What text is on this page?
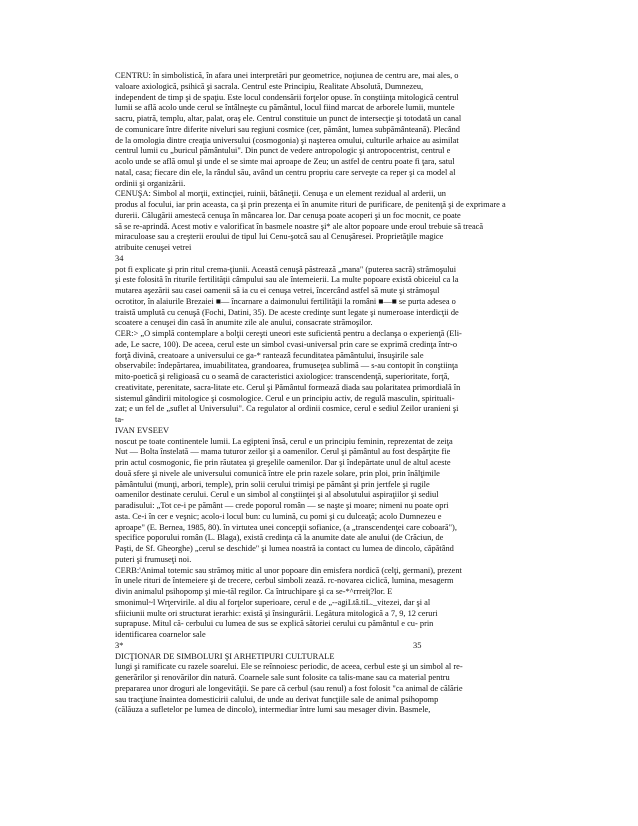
CENTRU: în simbolistică, în afara unei interpretări pur geometrice, noţiunea de centru are, mai ales, o
valoare axiologică, psihică şi sacrala. Centrul este Principiu, Realitate Absolută, Dumnezeu,
independent de timp şi de spaţiu. Este locul condensării forţelor opuse. în conştiinţa mitologică centrul
lumii se află acolo unde cerul se întâlneşte cu pământul, locul fiind marcat de arborele lumii, muntele
sacru, piatră, templu, altar, palat, oraş ele. Centrul constituie un punct de intersecţie şi totodată un canal
de comunicare între diferite niveluri sau regiuni cosmice (cer, pământ, lumea subpământeană). Plecând
de la omologia dintre creaţia universului (cosmogonia) şi naşterea omului, culturile arhaice au asimilat
centrul lumii cu „buricul pământului". Din punct de vedere antropologic şi antropocentrist, centrul e
acolo unde se află omul şi unde el se simte mai aproape de Zeu; un astfel de centru poate fi ţara, satul
natal, casa; fiecare din ele, la rândul său, având un centru propriu care serveşte ca reper şi ca model al
ordinii şi organizării.
CENUŞA: Simbol al morţii, extincţiei, ruinii, bătâneţii. Cenuşa e un element rezidual al arderii, un
produs al focului, iar prin aceasta, ca şi prin prezenţa ei în anumite rituri de purificare, de penitenţă şi de exprimare a
durerii. Călugării amestecă cenuşa în mâncarea lor. Dar cenuşa poate acoperi şi un foc mocnit, ce poate
să se re-aprindă. Acest motiv e valorificat în basmele noastre şi* ale altor popoare unde eroul trebuie să treacă
miraculoase sau a creşterii eroului de tipul lui Cenu-şotcă sau al Cenuşăresei. Proprietăţile magice
atribuite cenuşei vetrei
34
pot fi explicate şi prin ritul crema-ţiunii. Această cenuşă păstrează „mana" (puterea sacră) strămoşului
şi este folosită în riturile fertilităţii câmpului sau ale întemeierii. La multe popoare există obiceiul ca la
mutarea aşezării sau casei oamenii să ia cu ei cenuşa vetrei, încercând astfel să mute şi strămoşul
ocrotitor, în alaiurile Brezaiei ■— încarnare a daimonului fertilităţii la români ■—■ se purta adesea o
traistă umplută cu cenuşă (Fochi, Datini, 35). De aceste credinţe sunt legate şi numeroase interdicţii de
scoatere a cenuşei din casă în anumite zile ale anului, consacrate strămoşilor.
CER:> „O simplă contemplare a bolţii cereşti uneori este suficientă pentru a declanşa o experienţă (Eli-
ade, Le sacre, 100). De aceea, cerul este un simbol cvasi-universal prin care se exprimă credinţa într-o
forţă divină, creatoare a universului ce ga-* ranteazâ fecunditatea pământului, însuşirile sale
observabile: îndepărtarea, imuabilitatea, grandoarea, frumuseţea sublimă — s-au contopit în conştiinţa
mito-poetică şi religioasă cu o seamă de caracteristici axiologice: transcendenţă, superioritate, forţă,
creativitate, perenitate, sacra-litate etc. Cerul şi Pământul formează diada sau polaritatea primordială în
sistemul gândirii mitologice şi cosmologice. Cerul e un principiu activ, de regulă masculin, spirituali-
zat; e un fel de „suflet al Universului". Ca regulator al ordinii cosmice, cerul e sediul Zeilor uranieni şi
ta-
IVAN EVSEEV
noscut pe toate continentele lumii. La egipteni însă, cerul e un principiu feminin, reprezentat de zeiţa
Nut — Bolta înstelată — mama tuturor zeilor şi a oamenilor. Cerul şi pământul au fost despărţite fie
prin actul cosmogonic, fie prin răutatea şi greşelile oamenilor. Dar şi îndepărtate unul de altul aceste
două sfere şi nivele ale universului comunică între ele prin razele solare, prin ploi, prin înălţimile
pământului (munţi, arbori, temple), prin solii cerului trimişi pe pământ şi prin jertfele şi rugile
oamenilor destinate cerului. Cerul e un simbol al conştiinţei şi al absolutului aspiraţiilor şi sediul
paradisului: „Tot ce-i pe pământ — crede poporul român — se naşte şi moare; nimeni nu poate opri
asta. Ce-i în cer e veşnic; acolo-i locul bun: cu lumină, cu pomi şi cu dulceaţă; acolo Dumnezeu e
aproape" (E. Bernea, 1985, 80). în virtutea unei concepţii sofianice, (a „transcendenţei care coboară"),
specifice poporului român (L. Blaga), există credinţa că la anumite date ale anului (de Crăciun, de
Paşti, de Sf. Gheorghe) „cerul se deschide" şi lumea noastră ia contact cu lumea de dincolo, căpătând
puteri şi frumuseţi noi.
CERB:'Animal totemic sau strămoş mitic al unor popoare din emisfera nordică (celţi, germani), prezent
în unele rituri de întemeiere şi de trecere, cerbul simboli zează. rc-novarea ciclică, lumina, mesagerm
divin animalul psihopomp şi mie-tăl regilor. Ca întruchipare şi ca se-*^rrreiţ?lor. E
smonimul~l Wrţervirile. al diu al forţelor superioare, cerul e de „--agiLtâ.tiL._vitezei, dar şi al
sfiiciunii multe ori structurat ierarhic: există şi însingurării. Legătura mitologică a 7, 9, 12 ceruri
suprapuse. Mitul că- cerbului cu lumea de sus se explică sătoriei cerului cu pământul e cu- prin
identificarea coarnelor sale
3*	35
DICŢIONAR DE SIMBOLURI ŞI ARHETIPURI CULTURALE
lungi şi ramificate cu razele soarelui. Ele se reînnoiesc periodic, de aceea, cerbul este şi un simbol al re-
generărilor şi renovărilor din natură. Coarnele sale sunt folosite ca talis-mane sau ca material pentru
prepararea unor droguri ale longevităţii. Se pare că cerbul (sau renul) a fost folosit "ca animal de călărie
sau tracţiune înaintea domesticirii calului, de unde au derivat funcţiile sale de animal psihopomp
(călăuza a sufletelor pe lumea de dincolo), intermediar între lumi sau mesager divin. Basmele,
